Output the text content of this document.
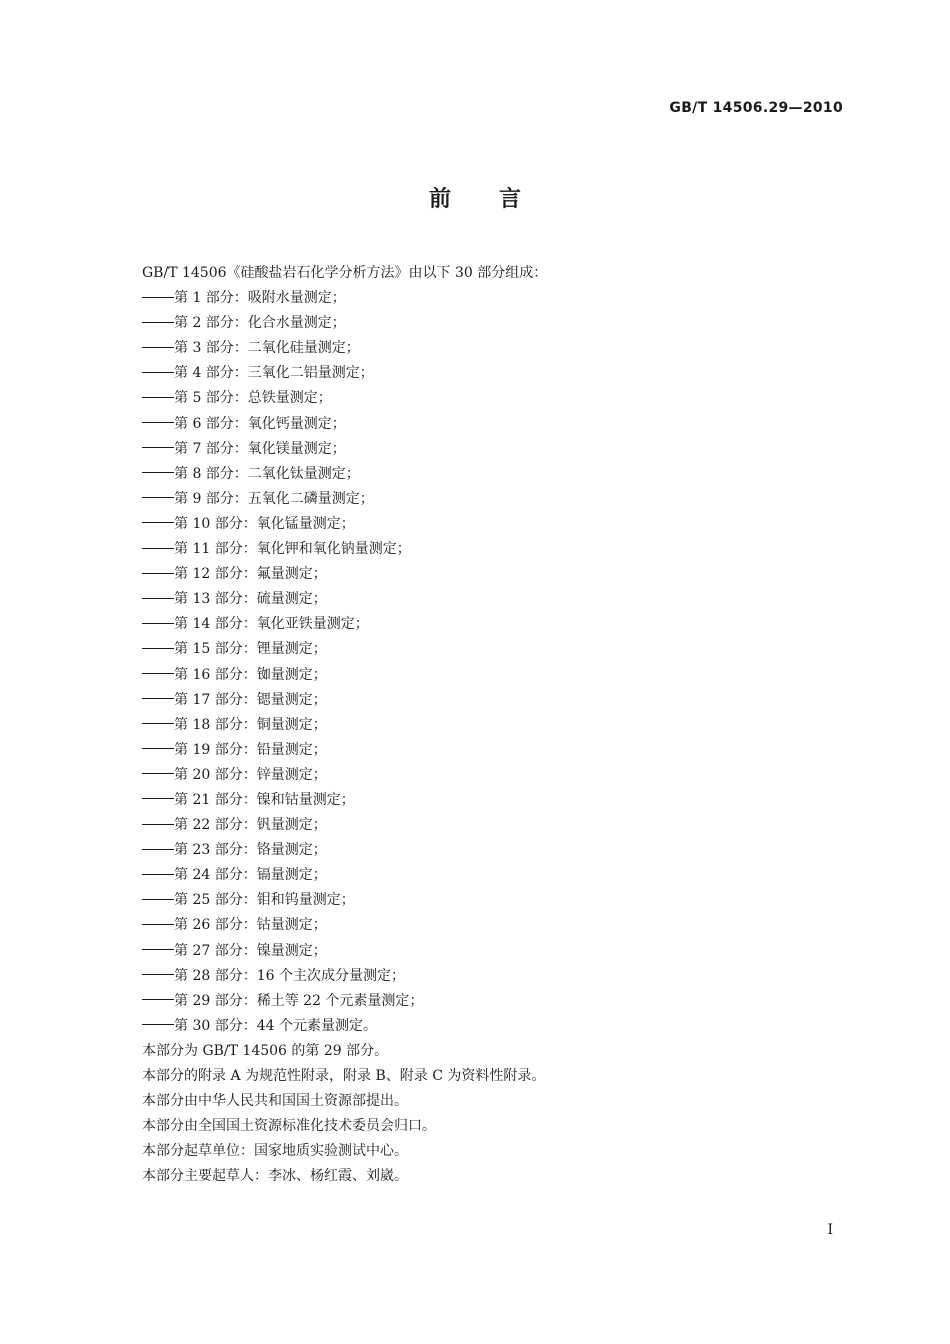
GB/T 14506.29—2010
前言
GB/T 14506《硅酸盐岩石化学分析方法》由以下 30 部分组成：
第 1 部分：吸附水量测定；
第 2 部分：化合水量测定；
第 3 部分：二氧化硅量测定；
第 4 部分：三氧化二铝量测定；
第 5 部分：总铁量测定；
第 6 部分：氧化钙量测定；
第 7 部分：氧化镁量测定；
第 8 部分：二氧化钛量测定；
第 9 部分：五氧化二磷量测定；
第 10 部分：氧化锰量测定；
第 11 部分：氧化钾和氧化钠量测定；
第 12 部分：氟量测定；
第 13 部分：硫量测定；
第 14 部分：氧化亚铁量测定；
第 15 部分：锂量测定；
第 16 部分：铷量测定；
第 17 部分：锶量测定；
第 18 部分：铜量测定；
第 19 部分：铅量测定；
第 20 部分：锌量测定；
第 21 部分：镍和钴量测定；
第 22 部分：钒量测定；
第 23 部分：铬量测定；
第 24 部分：镉量测定；
第 25 部分：钼和钨量测定；
第 26 部分：钴量测定；
第 27 部分：镍量测定；
第 28 部分：16 个主次成分量测定；
第 29 部分：稀土等 22 个元素量测定；
第 30 部分：44 个元素量测定。
本部分为 GB/T 14506 的第 29 部分。
本部分的附录 A 为规范性附录，附录 B、附录 C 为资料性附录。
本部分由中华人民共和国国土资源部提出。
本部分由全国国土资源标准化技术委员会归口。
本部分起草单位：国家地质实验测试中心。
本部分主要起草人：李冰、杨红霞、刘崴。
I
